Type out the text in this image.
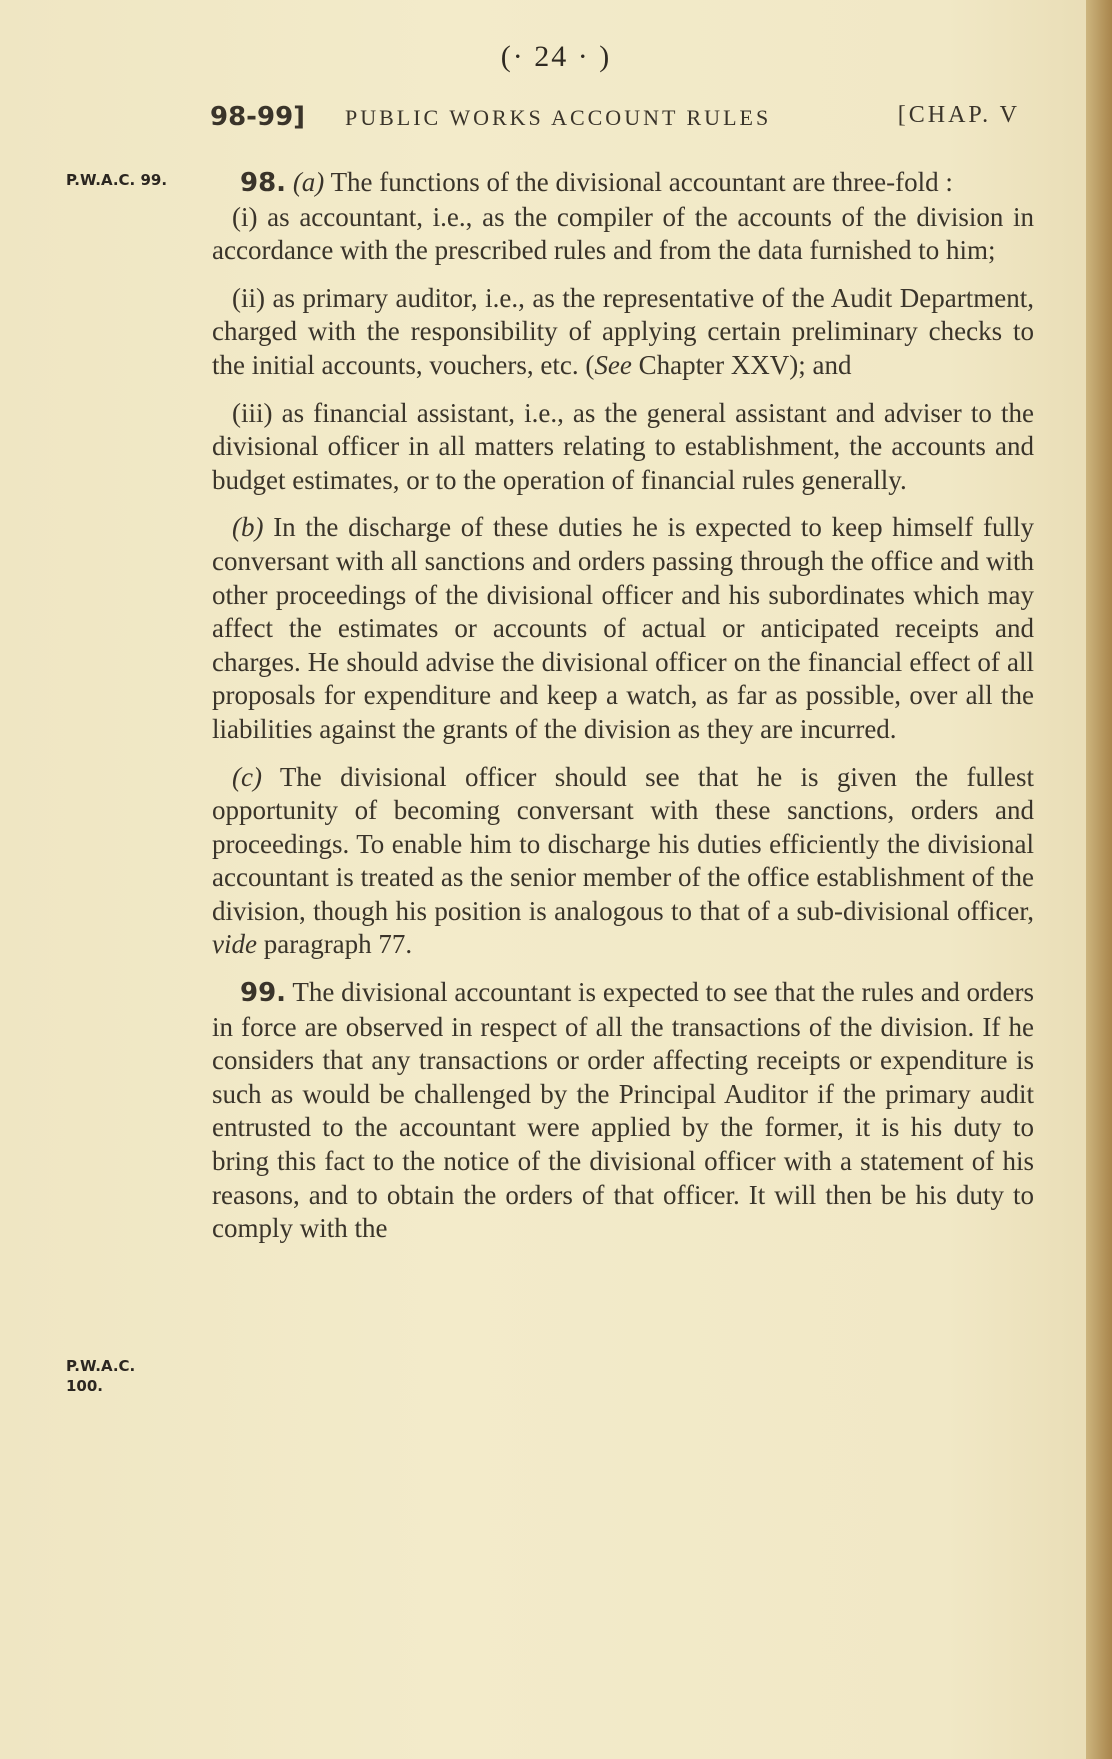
(· 24 · )
98-99] PUBLIC WORKS ACCOUNT RULES	[CHAP. V
P.W.A.C. 99.
P.W.A.C.
100.

98. (a) The functions of the divisional accountant are three-fold :

(i) as accountant, i.e., as the compiler of the accounts of the division in accordance with the prescribed rules and from the data furnished to him;

(ii) as primary auditor, i.e., as the representative of the Audit Department, charged with the responsibility of applying certain preliminary checks to the initial accounts, vouchers, etc. (See Chapter XXV); and

(iii) as financial assistant, i.e., as the general assistant and adviser to the divisional officer in all matters relating to establishment, the accounts and budget estimates, or to the operation of financial rules generally.

(b) In the discharge of these duties he is expected to keep himself fully conversant with all sanctions and orders passing through the office and with other proceedings of the divisional officer and his subordinates which may affect the estimates or accounts of actual or anticipated receipts and charges. He should advise the divisional officer on the financial effect of all proposals for expenditure and keep a watch, as far as possible, over all the liabilities against the grants of the division as they are incurred.

(c) The divisional officer should see that he is given the fullest opportunity of becoming conversant with these sanctions, orders and proceedings. To enable him to discharge his duties efficiently the divisional accountant is treated as the senior member of the office establishment of the division, though his position is analogous to that of a sub-divisional officer, vide paragraph 77.

99. The divisional accountant is expected to see that the rules and orders in force are observed in respect of all the transactions of the division. If he considers that any transactions or order affecting receipts or expenditure is such as would be challenged by the Principal Auditor if the primary audit entrusted to the accountant were applied by the former, it is his duty to bring this fact to the notice of the divisional officer with a statement of his reasons, and to obtain the orders of that officer. It will then be his duty to comply with the
